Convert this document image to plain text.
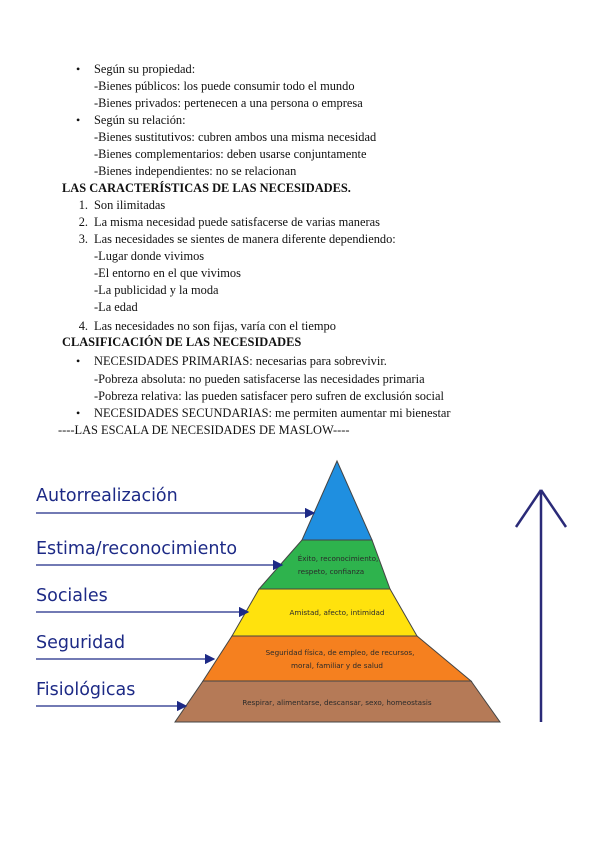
• Según su propiedad:
-Bienes públicos: los puede consumir todo el mundo
-Bienes privados: pertenecen a una persona o empresa
• Según su relación:
-Bienes sustitutivos: cubren ambos una misma necesidad
-Bienes complementarios: deben usarse conjuntamente
-Bienes independientes: no se relacionan
LAS CARACTERÍSTICAS DE LAS NECESIDADES.
1. Son ilimitadas
2. La misma necesidad puede satisfacerse de varias maneras
3. Las necesidades se sientes de manera diferente dependiendo:
-Lugar donde vivimos
-El entorno en el que vivimos
-La publicidad y la moda
-La edad
4. Las necesidades no son fijas, varía con el tiempo
CLASIFICACIÓN DE LAS NECESIDADES
• NECESIDADES PRIMARIAS: necesarias para sobrevivir.
-Pobreza absoluta: no pueden satisfacerse las necesidades primaria
-Pobreza relativa: las pueden satisfacer pero sufren de exclusión social
• NECESIDADES SECUNDARIAS: me permiten aumentar mi bienestar
----LAS ESCALA DE NECESIDADES DE MASLOW----
Éxito, reconocimiento,
respeto, confianza
Amistad, afecto, intimidad
Seguridad física, de empleo, de recursos,
moral, familiar y de salud
Respirar, alimentarse, descansar, sexo, homeostasis
Autorrealización
Estima/reconocimiento
Sociales
Seguridad
Fisiológicas
